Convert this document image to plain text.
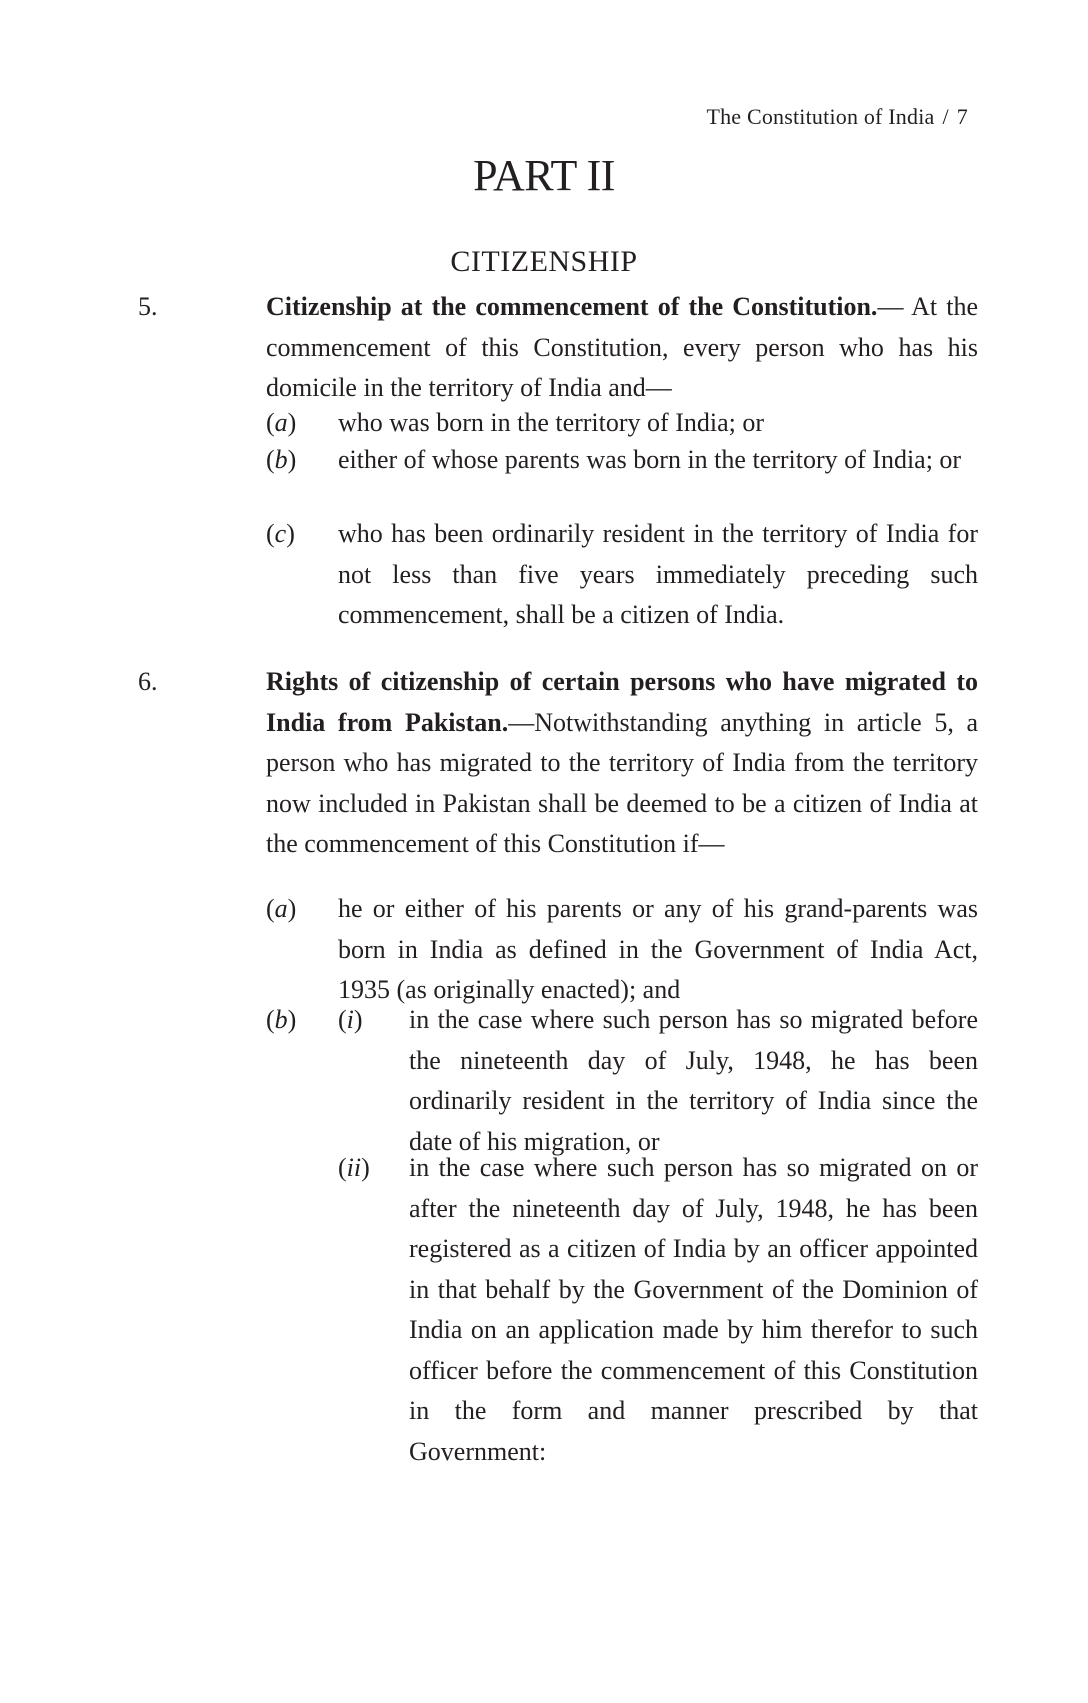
The Constitution of India / 7
PART II
CITIZENSHIP
5.	Citizenship at the commencement of the Constitution.— At the commencement of this Constitution, every person who has his domicile in the territory of India and—
(a) who was born in the territory of India; or
(b) either of whose parents was born in the territory of India; or
(c) who has been ordinarily resident in the territory of India for not less than five years immediately preceding such commencement, shall be a citizen of India.
6.	Rights of citizenship of certain persons who have migrated to India from Pakistan.—Notwithstanding anything in article 5, a person who has migrated to the territory of India from the territory now included in Pakistan shall be deemed to be a citizen of India at the commencement of this Constitution if—
(a) he or either of his parents or any of his grand-parents was born in India as defined in the Government of India Act, 1935 (as originally enacted); and
(b) (i) in the case where such person has so migrated before the nineteenth day of July, 1948, he has been ordinarily resident in the territory of India since the date of his migration, or
(ii) in the case where such person has so migrated on or after the nineteenth day of July, 1948, he has been registered as a citizen of India by an officer appointed in that behalf by the Government of the Dominion of India on an application made by him therefor to such officer before the commencement of this Constitution in the form and manner prescribed by that Government:
